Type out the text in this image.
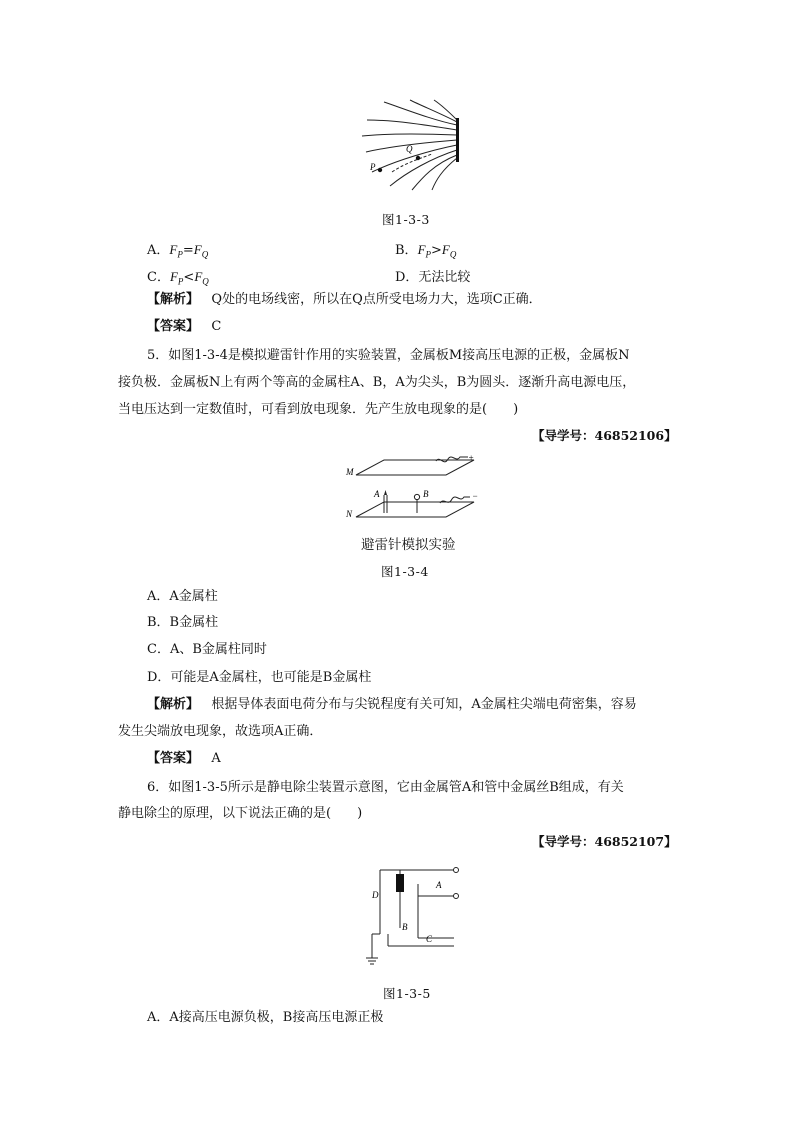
P
Q
图1-3-3
A．$F_P=F_Q$	B．$F_P>F_Q$
C．$F_P<F_Q$	D．无法比较
【解析】 Q处的电场线密，所以在Q点所受电场力大，选项C正确．
【答案】 C
5．如图1-3-4是模拟避雷针作用的实验装置，金属板M接高压电源的正极，金属板N
接负极．金属板N上有两个等高的金属柱A、B，A为尖头，B为圆头．逐渐升高电源电压，
当电压达到一定数值时，可看到放电现象．先产生放电现象的是(　　)
【导学号：46852106】
M
N
A	B
+
−
避雷针模拟实验
图1-3-4
A．A金属柱
B．B金属柱
C．A、B金属柱同时
D．可能是A金属柱，也可能是B金属柱
【解析】 根据导体表面电荷分布与尖锐程度有关可知，A金属柱尖端电荷密集，容易
发生尖端放电现象，故选项A正确．
【答案】 A
6．如图1-3-5所示是静电除尘装置示意图，它由金属管A和管中金属丝B组成，有关
静电除尘的原理，以下说法正确的是(　　)
【导学号：46852107】
D
A
B
C
图1-3-5
A．A接高压电源负极，B接高压电源正极
